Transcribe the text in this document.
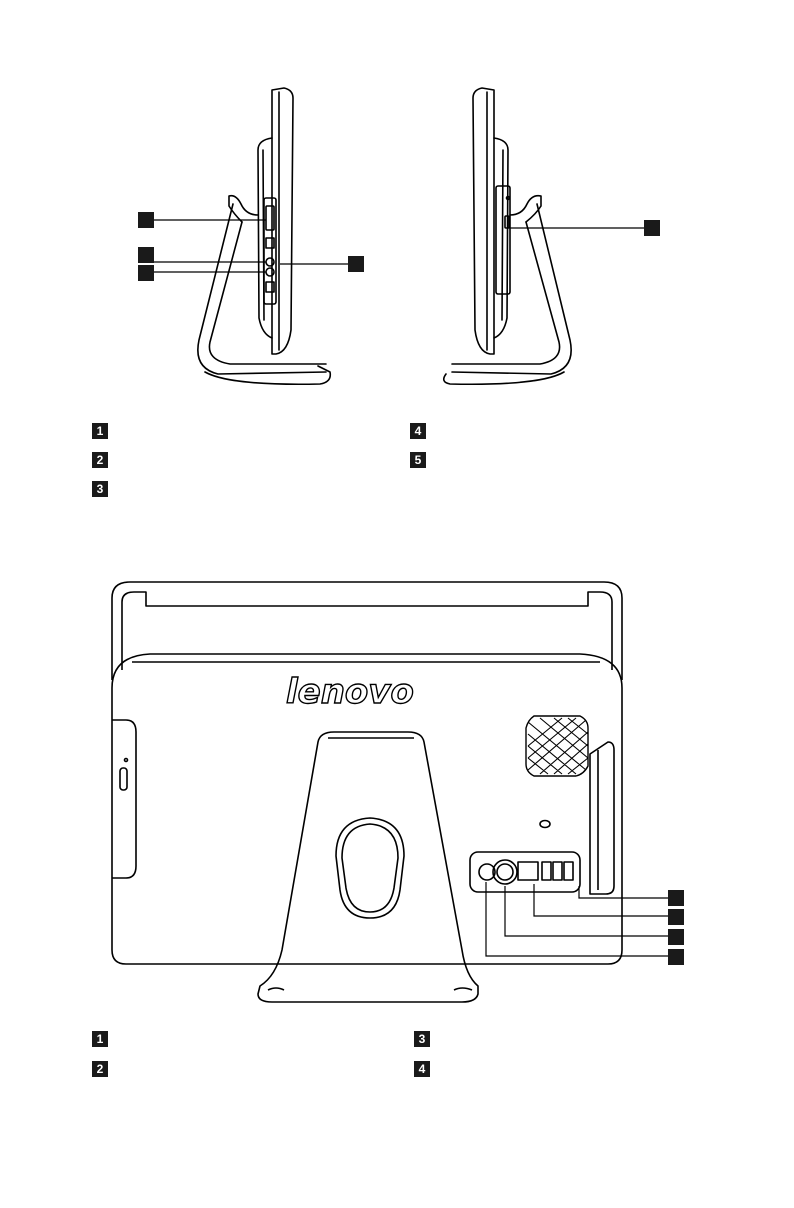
1
2
3
4
5
lenovo
1
2
3
4
